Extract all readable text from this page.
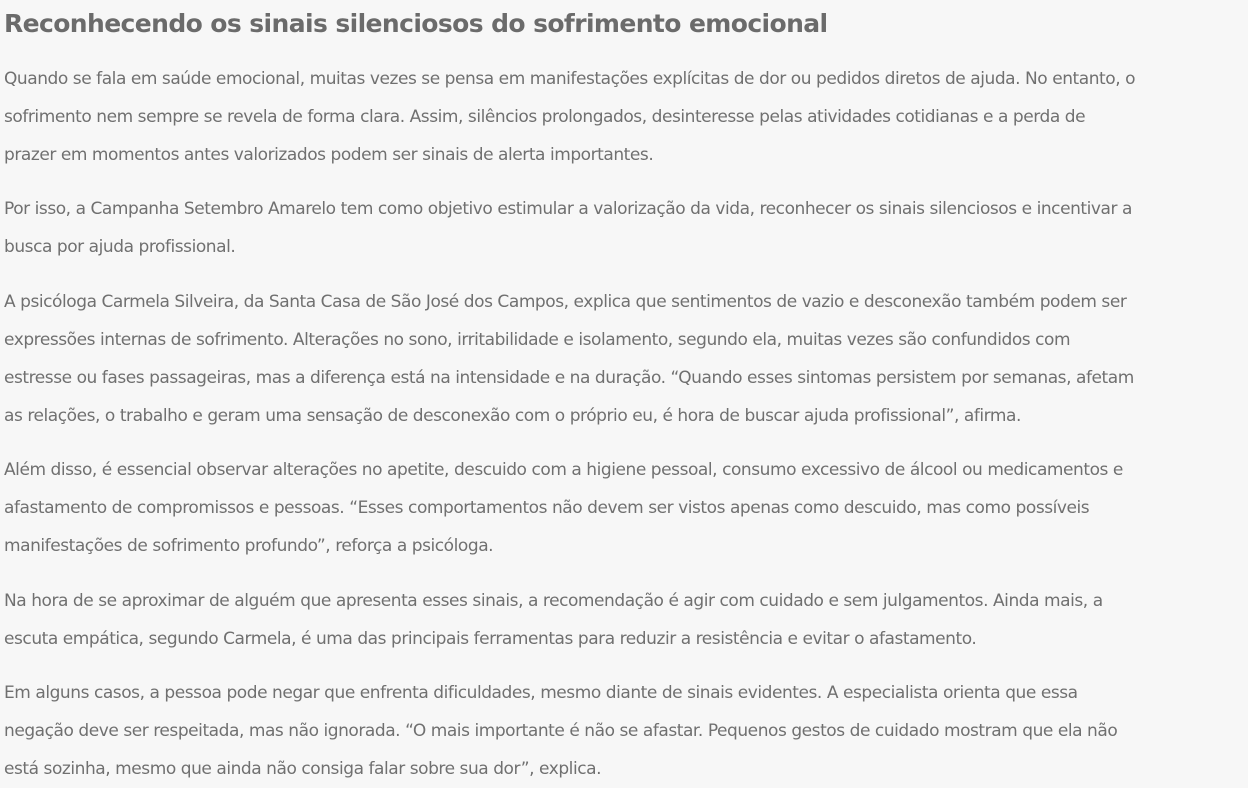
Reconhecendo os sinais silenciosos do sofrimento emocional

Quando se fala em saúde emocional, muitas vezes se pensa em manifestações explícitas de dor ou pedidos diretos de ajuda. No entanto, o
sofrimento nem sempre se revela de forma clara. Assim, silêncios prolongados, desinteresse pelas atividades cotidianas e a perda de
prazer em momentos antes valorizados podem ser sinais de alerta importantes.

Por isso, a Campanha Setembro Amarelo tem como objetivo estimular a valorização da vida, reconhecer os sinais silenciosos e incentivar a
busca por ajuda profissional.

A psicóloga Carmela Silveira, da Santa Casa de São José dos Campos, explica que sentimentos de vazio e desconexão também podem ser
expressões internas de sofrimento. Alterações no sono, irritabilidade e isolamento, segundo ela, muitas vezes são confundidos com
estresse ou fases passageiras, mas a diferença está na intensidade e na duração. “Quando esses sintomas persistem por semanas, afetam
as relações, o trabalho e geram uma sensação de desconexão com o próprio eu, é hora de buscar ajuda profissional”, afirma.

Além disso, é essencial observar alterações no apetite, descuido com a higiene pessoal, consumo excessivo de álcool ou medicamentos e
afastamento de compromissos e pessoas. “Esses comportamentos não devem ser vistos apenas como descuido, mas como possíveis
manifestações de sofrimento profundo”, reforça a psicóloga.

Na hora de se aproximar de alguém que apresenta esses sinais, a recomendação é agir com cuidado e sem julgamentos. Ainda mais, a
escuta empática, segundo Carmela, é uma das principais ferramentas para reduzir a resistência e evitar o afastamento.

Em alguns casos, a pessoa pode negar que enfrenta dificuldades, mesmo diante de sinais evidentes. A especialista orienta que essa
negação deve ser respeitada, mas não ignorada. “O mais importante é não se afastar. Pequenos gestos de cuidado mostram que ela não
está sozinha, mesmo que ainda não consiga falar sobre sua dor”, explica.
